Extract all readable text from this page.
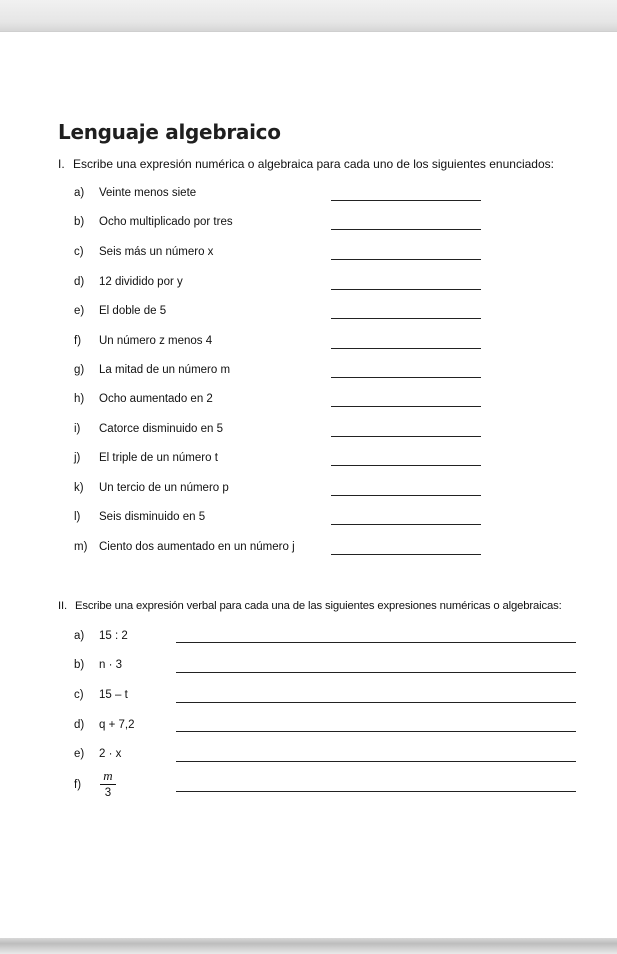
Lenguaje algebraico
I. Escribe una expresión numérica o algebraica para cada uno de los siguientes enunciados:
a) Veinte menos siete
b) Ocho multiplicado por tres
c) Seis más un número x
d) 12 dividido por y
e) El doble de 5
f) Un número z menos 4
g) La mitad de un número m
h) Ocho aumentado en 2
i) Catorce disminuido en 5
j) El triple de un número t
k) Un tercio de un número p
l) Seis disminuido en 5
m) Ciento dos aumentado en un número j
II. Escribe una expresión verbal para cada una de las siguientes expresiones numéricas o algebraicas:
a) 15 : 2
b) n · 3
c) 15 – t
d) q + 7,2
e) 2 · x
f)
m
3
